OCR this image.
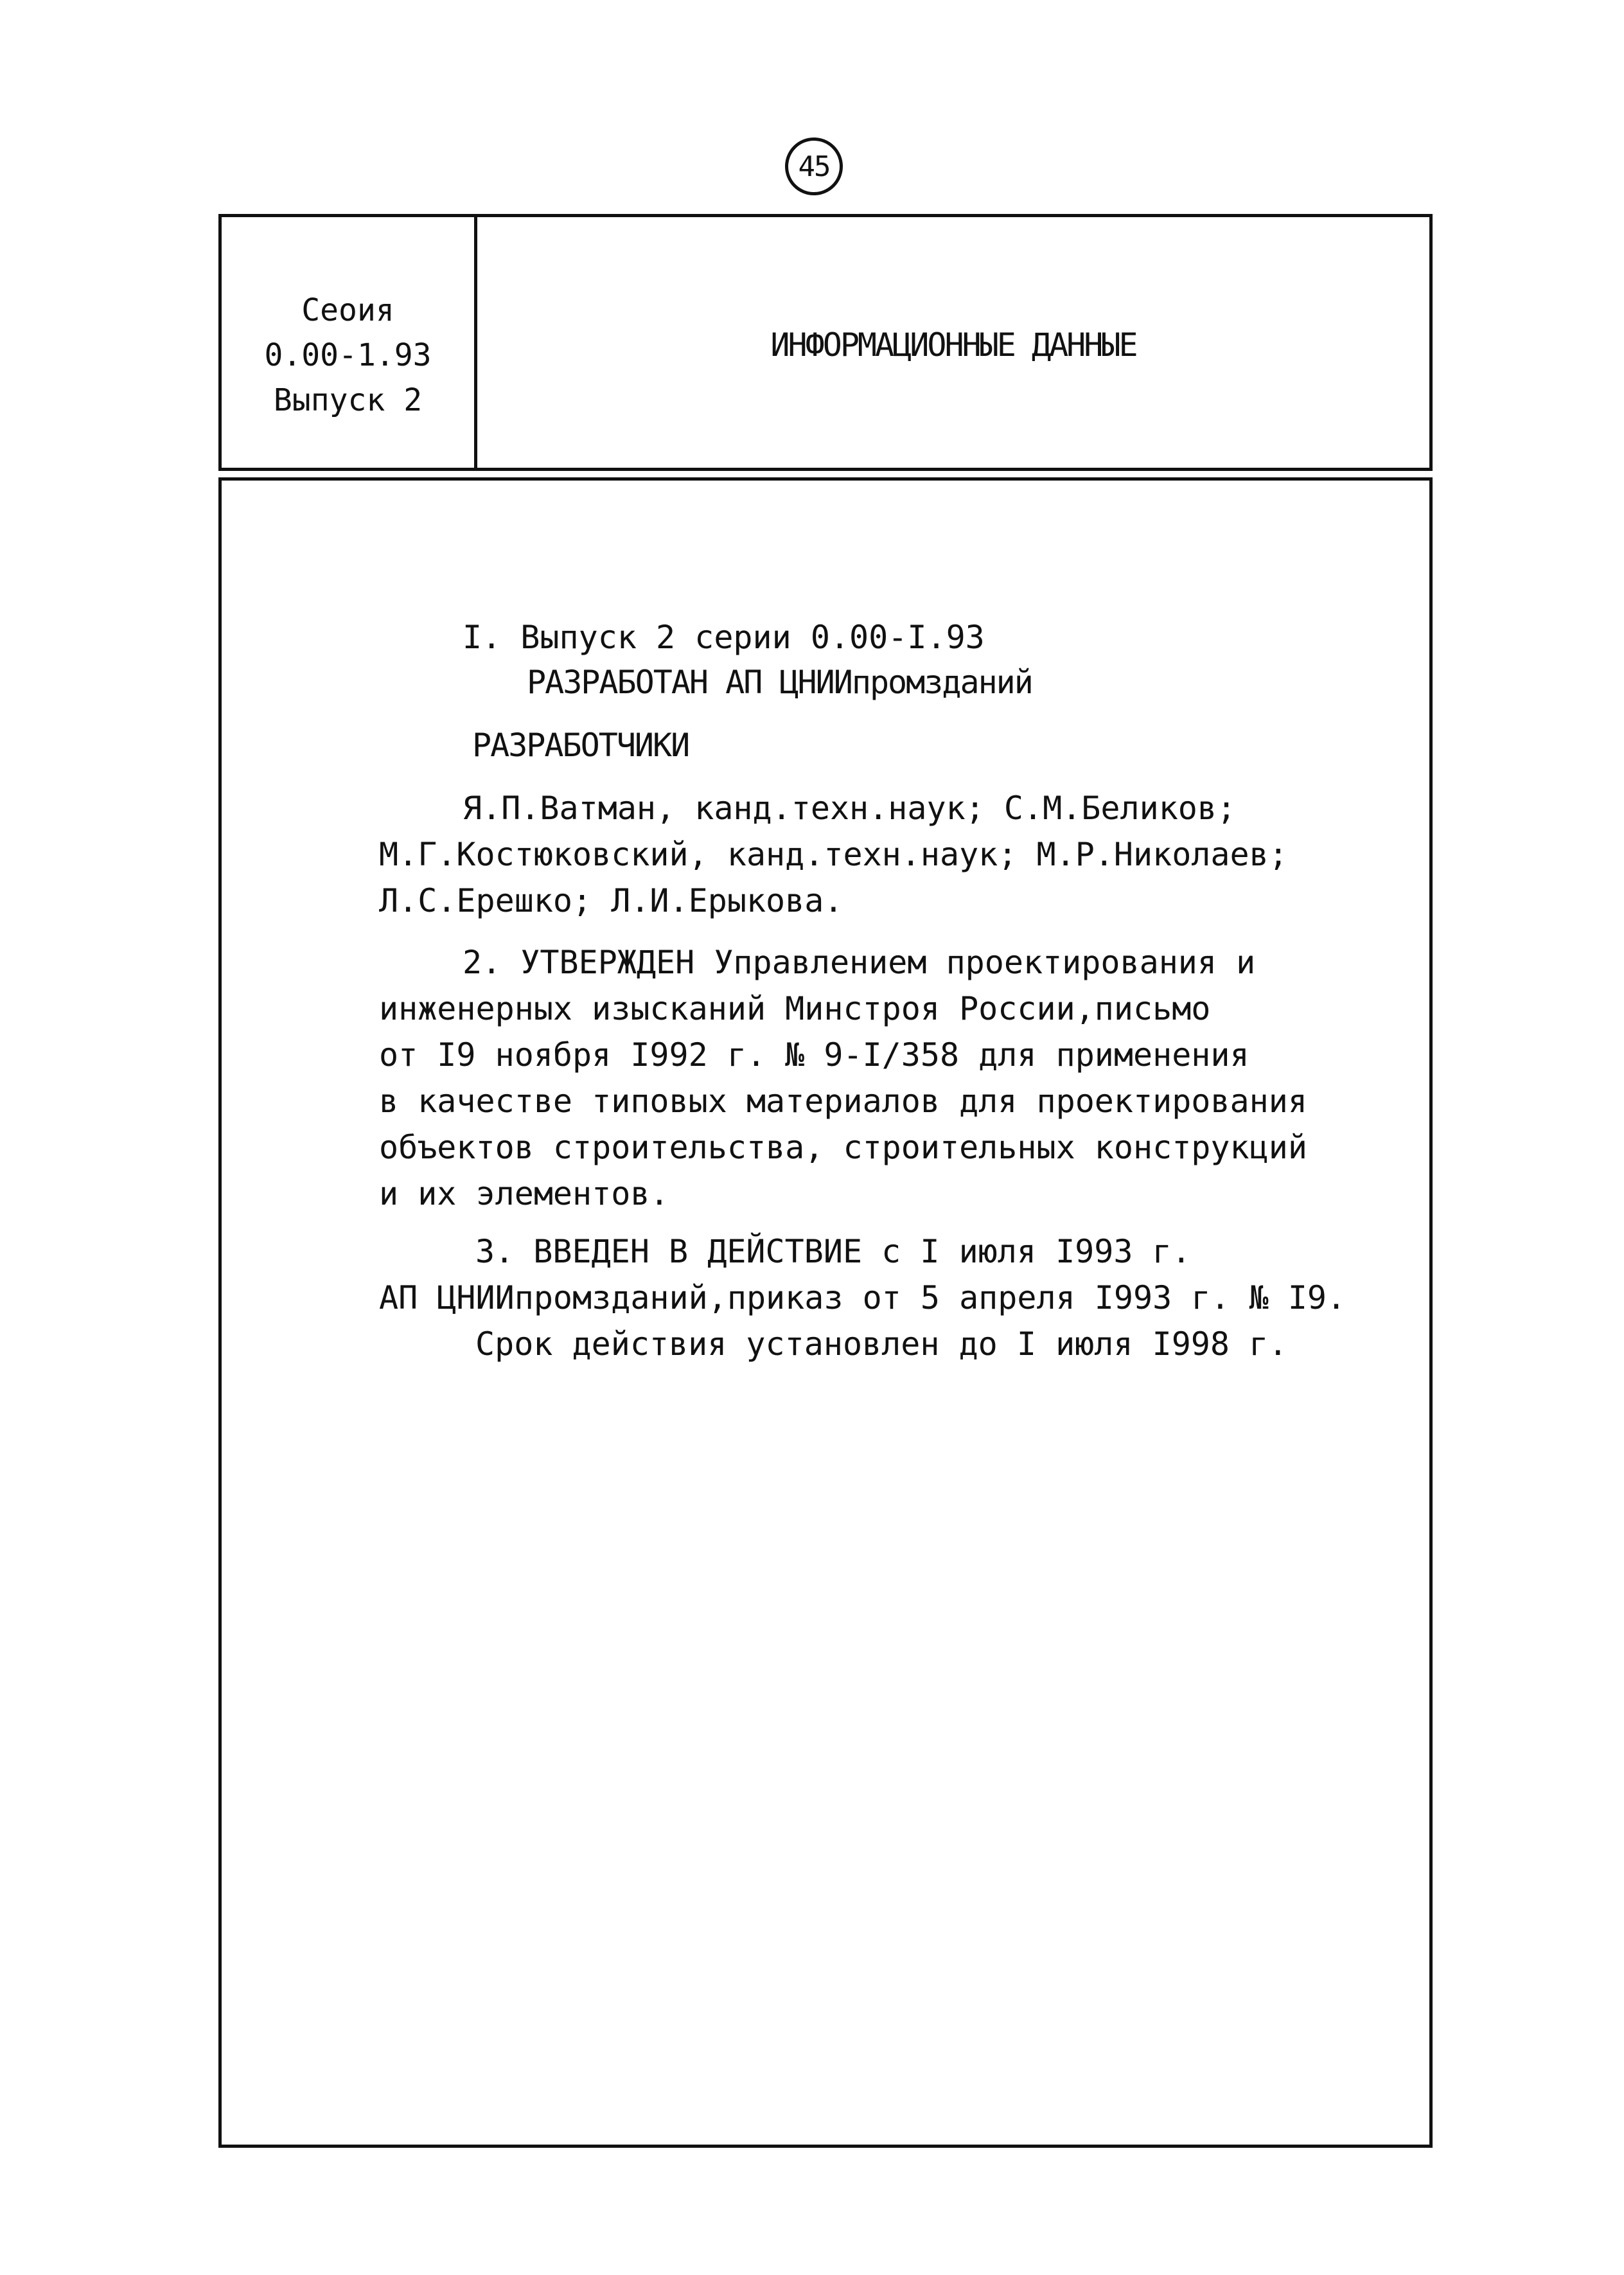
45
Сеоия
0.00-1.93
Выпуск 2
ИНФОРМАЦИОННЫЕ ДАННЫЕ
I. Выпуск 2 серии 0.00-I.93
РАЗРАБОТАН АП ЦНИИпромзданий
РАЗРАБОТЧИКИ
Я.П.Ватман, канд.техн.наук; С.М.Беликов;
М.Г.Костюковский, канд.техн.наук; М.Р.Николаев;
Л.С.Ерешко; Л.И.Ерыкова.
2. УТВЕРЖДЕН Управлением проектирования и
инженерных изысканий Минстроя России,письмо
от I9 ноября I992 г. № 9-I/358 для применения
в качестве типовых материалов для проектирования
объектов строительства, строительных конструкций
и их элементов.
3. ВВЕДЕН В ДЕЙСТВИЕ с I июля I993 г.
АП ЦНИИпромзданий,приказ от 5 апреля I993 г. № I9.
Срок действия установлен до I июля I998 г.
